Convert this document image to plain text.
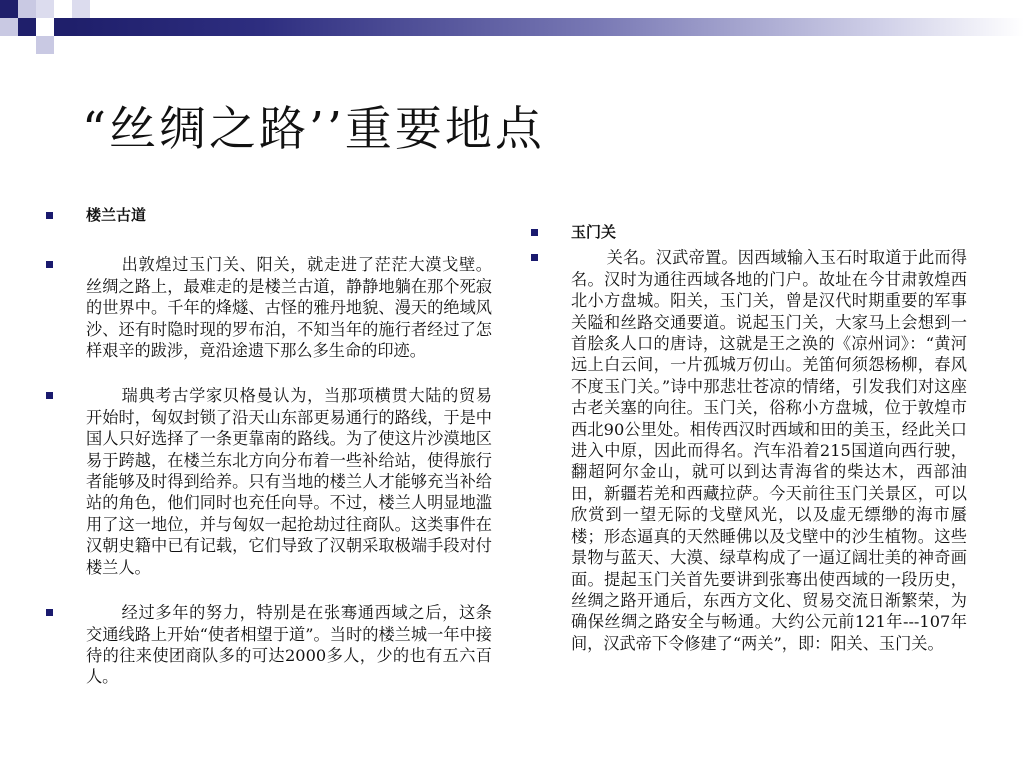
“丝绸之路’’重要地点
楼兰古道
出敦煌过玉门关、阳关，就走进了茫茫大漠戈壁。丝绸之路上，最难走的是楼兰古道，静静地躺在那个死寂的世界中。千年的烽燧、古怪的雅丹地貌、漫天的绝域风沙、还有时隐时现的罗布泊，不知当年的施行者经过了怎样艰辛的跋涉，竟沿途遗下那么多生命的印迹。
瑞典考古学家贝格曼认为，当那项横贯大陆的贸易开始时，匈奴封锁了沿天山东部更易通行的路线，于是中国人只好选择了一条更靠南的路线。为了使这片沙漠地区易于跨越，在楼兰东北方向分布着一些补给站，使得旅行者能够及时得到给养。只有当地的楼兰人才能够充当补给站的角色，他们同时也充任向导。不过，楼兰人明显地滥用了这一地位，并与匈奴一起抢劫过往商队。这类事件在汉朝史籍中已有记载，它们导致了汉朝采取极端手段对付楼兰人。
经过多年的努力，特别是在张骞通西域之后，这条交通线路上开始“使者相望于道”。当时的楼兰城一年中接待的往来使团商队多的可达2000多人，少的也有五六百人。
玉门关
关名。汉武帝置。因西域输入玉石时取道于此而得名。汉时为通往西域各地的门户。故址在今甘肃敦煌西北小方盘城。阳关，玉门关，曾是汉代时期重要的军事关隘和丝路交通要道。说起玉门关，大家马上会想到一首脍炙人口的唐诗，这就是王之涣的《凉州词》：“黄河远上白云间，一片孤城万仞山。羌笛何须怨杨柳，春风不度玉门关。”诗中那悲壮苍凉的情绪，引发我们对这座古老关塞的向往。玉门关，俗称小方盘城，位于敦煌市西北90公里处。相传西汉时西域和田的美玉，经此关口进入中原，因此而得名。汽车沿着215国道向西行驶，翻超阿尔金山，就可以到达青海省的柴达木，西部油田，新疆若羌和西藏拉萨。今天前往玉门关景区，可以欣赏到一望无际的戈壁风光，以及虚无缥缈的海市蜃楼；形态逼真的天然睡佛以及戈壁中的沙生植物。这些景物与蓝天、大漠、绿草构成了一逼辽阔壮美的神奇画面。提起玉门关首先要讲到张骞出使西域的一段历史，丝绸之路开通后，东西方文化、贸易交流日渐繁荣，为确保丝绸之路安全与畅通。大约公元前121年---107年间，汉武帝下令修建了“两关”，即：阳关、玉门关。
